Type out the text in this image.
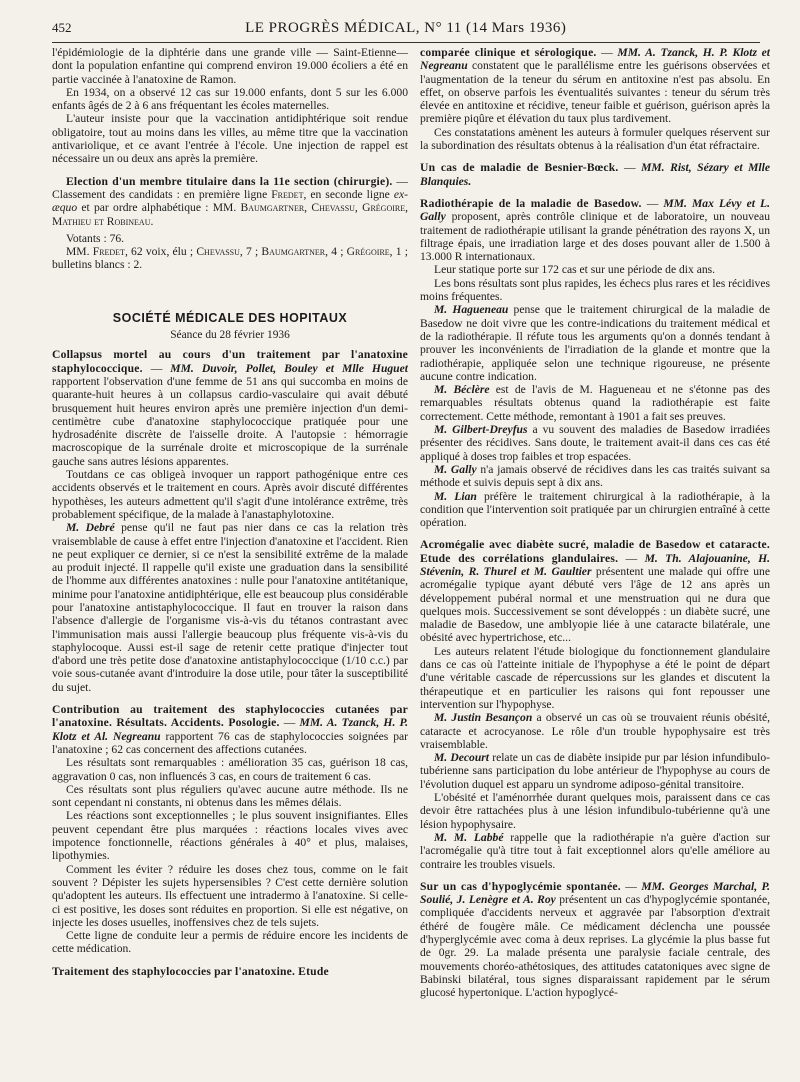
452	LE PROGRÈS MÉDICAL, N° 11 (14 Mars 1936)

l'épidémiologie de la diphtérie dans une grande ville — Saint-Etienne— dont la population enfantine qui comprend environ 19.000 écoliers a été en partie vaccinée à l'anatoxine de Ramon.

En 1934, on a observé 12 cas sur 19.000 enfants, dont 5 sur les 6.000 enfants âgés de 2 à 6 ans fréquentant les écoles maternelles.

L'auteur insiste pour que la vaccination antidiphtérique soit rendue obligatoire, tout au moins dans les villes, au même titre que la vaccination antivariolique, et ce avant l'entrée à l'école. Une injection de rappel est nécessaire un ou deux ans après la première.

Election d'un membre titulaire dans la 11e section (chirurgie). — Classement des candidats : en première ligne Fredet, en seconde ligne ex-æquo et par ordre alphabétique : MM. Baumgartner, Chevassu, Grégoire, Mathieu et Robineau.

Votants : 76.

MM. Fredet, 62 voix, élu ; Chevassu, 7 ; Baumgartner, 4 ; Grégoire, 1 ; bulletins blancs : 2.

SOCIÉTÉ MÉDICALE DES HOPITAUX
Séance du 28 février 1936

Collapsus mortel au cours d'un traitement par l'anatoxine staphylococcique. — MM. Duvoir, Pollet, Bouley et Mlle Huguet rapportent l'observation d'une femme de 51 ans qui succomba en moins de quarante-huit heures à un collapsus cardio-vasculaire qui avait débuté brusquement huit heures environ après une première injection d'un demi-centimètre cube d'anatoxine staphylococcique pratiquée pour une hydrosadénite discrète de l'aisselle droite. A l'autopsie : hémorragie macroscopique de la surrénale droite et microscopique de la surrénale gauche sans autres lésions apparentes.

Toutdans ce cas obligeà invoquer un rapport pathogénique entre ces accidents observés et le traitement en cours. Après avoir discuté différentes hypothèses, les auteurs admettent qu'il s'agit d'une intolérance extrême, très probablement spécifique, de la malade à l'anastaphylotoxine.

M. Debré pense qu'il ne faut pas nier dans ce cas la relation très vraisemblable de cause à effet entre l'injection d'anatoxine et l'accident. Rien ne peut expliquer ce dernier, si ce n'est la sensibilité extrême de la malade au produit injecté. Il rappelle qu'il existe une graduation dans la sensibilité de l'homme aux différentes anatoxines : nulle pour l'anatoxine antitétanique, minime pour l'anatoxine antidiphtérique, elle est beaucoup plus considérable pour l'anatoxine antistaphylococcique. Il faut en trouver la raison dans l'absence d'allergie de l'organisme vis-à-vis du tétanos contrastant avec l'immunisation mais aussi l'allergie beaucoup plus fréquente vis-à-vis du staphylocoque. Aussi est-il sage de retenir cette pratique d'injecter tout d'abord une très petite dose d'anatoxine antistaphylococcique (1/10 c.c.) par voie sous-cutanée avant d'introduire la dose utile, pour tâter la susceptibilité du sujet.

Contribution au traitement des staphylococcies cutanées par l'anatoxine. Résultats. Accidents. Posologie. — MM. A. Tzanck, H. P. Klotz et Al. Negreanu rapportent 76 cas de staphylococcies soignées par l'anatoxine ; 62 cas concernent des affections cutanées.

Les résultats sont remarquables : amélioration 35 cas, guérison 18 cas, aggravation 0 cas, non influencés 3 cas, en cours de traitement 6 cas.

Ces résultats sont plus réguliers qu'avec aucune autre méthode. Ils ne sont cependant ni constants, ni obtenus dans les mêmes délais.

Les réactions sont exceptionnelles ; le plus souvent insignifiantes. Elles peuvent cependant être plus marquées : réactions locales vives avec impotence fonctionnelle, réactions générales à 40° et plus, malaises, lipothymies.

Comment les éviter ? réduire les doses chez tous, comme on le fait souvent ? Dépister les sujets hypersensibles ? C'est cette dernière solution qu'adoptent les auteurs. Ils effectuent une intradermo à l'anatoxine. Si celle-ci est positive, les doses sont réduites en proportion. Si elle est négative, on injecte les doses usuelles, inoffensives chez de tels sujets.

Cette ligne de conduite leur a permis de réduire encore les incidents de cette médication.

Traitement des staphylococcies par l'anatoxine. Etude

comparée clinique et sérologique. — MM. A. Tzanck, H. P. Klotz et Negreanu constatent que le parallélisme entre les guérisons observées et l'augmentation de la teneur du sérum en antitoxine n'est pas absolu. En effet, on observe parfois les éventualités suivantes : teneur du sérum très élevée en antitoxine et récidive, teneur faible et guérison, guérison après la première piqûre et élévation du taux plus tardivement.

Ces constatations amènent les auteurs à formuler quelques réservent sur la subordination des résultats obtenus à la réalisation d'un état réfractaire.

Un cas de maladie de Besnier-Bœck. — MM. Rist, Sézary et Mlle Blanquies.

Radiothérapie de la maladie de Basedow. — MM. Max Lévy et L. Gally proposent, après contrôle clinique et de laboratoire, un nouveau traitement de radiothérapie utilisant la grande pénétration des rayons X, un filtrage épais, une irradiation large et des doses pouvant aller de 1.500 à 13.000 R internationaux.

Leur statique porte sur 172 cas et sur une période de dix ans.

Les bons résultats sont plus rapides, les échecs plus rares et les récidives moins fréquentes.

M. Hagueneau pense que le traitement chirurgical de la maladie de Basedow ne doit vivre que les contre-indications du traitement médical et de la radiothérapie. Il réfute tous les arguments qu'on a donnés tendant à prouver les inconvénients de l'irradiation de la glande et montre que la radiothérapie, appliquée selon une technique rigoureuse, ne présente aucune contre indication.

M. Béclère est de l'avis de M. Hagueneau et ne s'étonne pas des remarquables résultats obtenus quand la radiothérapie est faite correctement. Cette méthode, remontant à 1901 a fait ses preuves.

M. Gilbert-Dreyfus a vu souvent des maladies de Basedow irradiées présenter des récidives. Sans doute, le traitement avait-il dans ces cas été appliqué à doses trop faibles et trop espacées.

M. Gally n'a jamais observé de récidives dans les cas traités suivant sa méthode et suivis depuis sept à dix ans.

M. Lian préfère le traitement chirurgical à la radiothérapie, à la condition que l'intervention soit pratiquée par un chirurgien entraîné à cette opération.

Acromégalie avec diabète sucré, maladie de Basedow et cataracte. Etude des corrélations glandulaires. — M. Th. Alajouanine, H. Stévenin, R. Thurel et M. Gaultier présentent une malade qui offre une acromégalie typique ayant débuté vers l'âge de 12 ans après un développement pubéral normal et une menstruation qui ne dura que quelques mois. Successivement se sont développés : un diabète sucré, une maladie de Basedow, une amblyopie liée à une cataracte bilatérale, une obésité avec hypertrichose, etc...

Les auteurs relatent l'étude biologique du fonctionnement glandulaire dans ce cas où l'atteinte initiale de l'hypophyse a été le point de départ d'une véritable cascade de répercussions sur les glandes et discutent la thérapeutique et en particulier les raisons qui font repousser une intervention sur l'hypophyse.

M. Justin Besançon a observé un cas où se trouvaient réunis obésité, cataracte et acrocyanose. Le rôle d'un trouble hypophysaire est très vraisemblable.

M. Decourt relate un cas de diabète insipide pur par lésion infundibulo-tubérienne sans participation du lobe antérieur de l'hypophyse au cours de l'évolution duquel est apparu un syndrome adiposo-génital transitoire.

L'obésité et l'aménorrhée durant quelques mois, paraissent dans ce cas devoir être rattachées plus à une lésion infundibulo-tubérienne qu'à une lésion hypophysaire.

M. M. Labbé rappelle que la radiothérapie n'a guère d'action sur l'acromégalie qu'à titre tout à fait exceptionnel alors qu'elle améliore au contraire les troubles visuels.

Sur un cas d'hypoglycémie spontanée. — MM. Georges Marchal, P. Soulié, J. Lenègre et A. Roy présentent un cas d'hypoglycémie spontanée, compliquée d'accidents nerveux et aggravée par l'absorption d'extrait éthéré de fougère mâle. Ce médicament déclencha une poussée d'hyperglycémie avec coma à deux reprises. La glycémie la plus basse fut de 0gr. 29. La malade présenta une paralysie faciale centrale, des mouvements choréo-athétosiques, des attitudes catatoniques avec signe de Babinski bilatéral, tous signes disparaissant rapidement par le sérum glucosé hypertonique. L'action hypoglycé-
